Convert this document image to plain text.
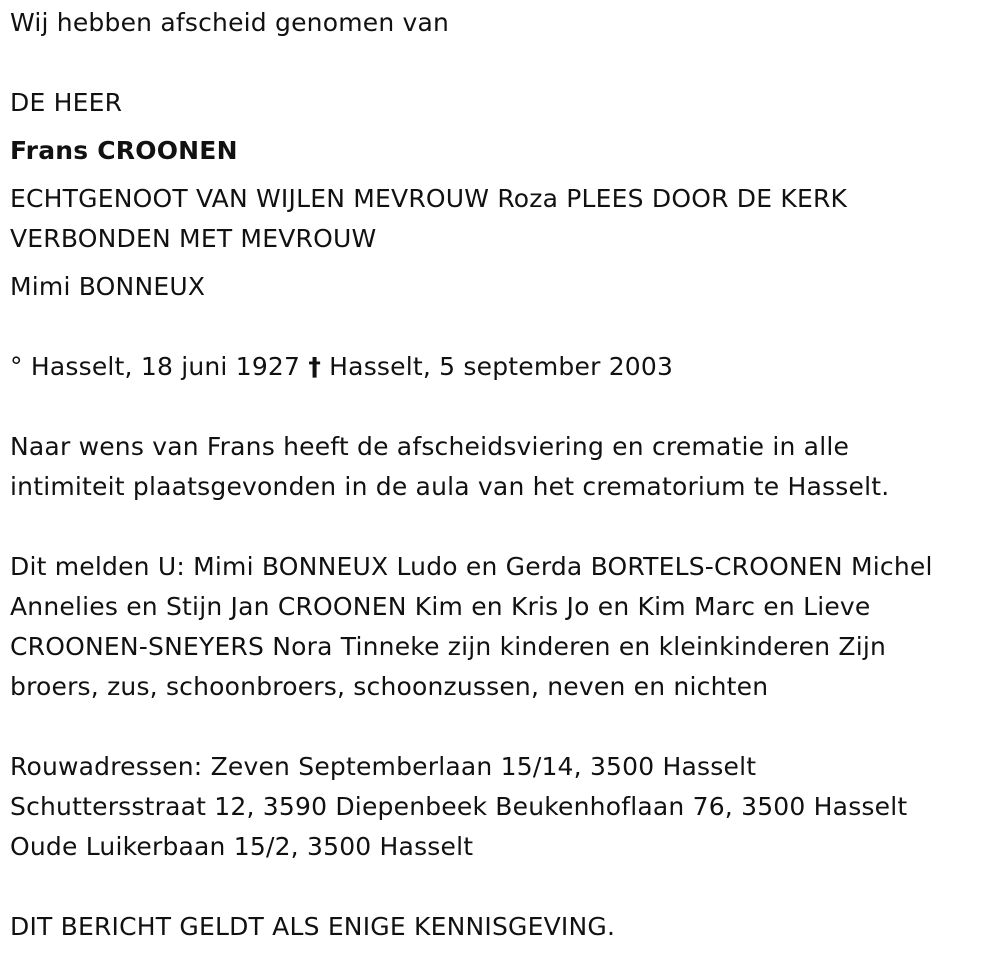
Wij hebben afscheid genomen van

DE HEER

Frans CROONEN

ECHTGENOOT VAN WIJLEN MEVROUW Roza PLEES DOOR DE KERK

VERBONDEN MET MEVROUW

Mimi BONNEUX

° Hasselt, 18 juni 1927 † Hasselt, 5 september 2003

Naar wens van Frans heeft de afscheidsviering en crematie in alle

intimiteit plaatsgevonden in de aula van het crematorium te Hasselt.

Dit melden U: Mimi BONNEUX Ludo en Gerda BORTELS-CROONEN Michel

Annelies en Stijn Jan CROONEN Kim en Kris Jo en Kim Marc en Lieve

CROONEN-SNEYERS Nora Tinneke zijn kinderen en kleinkinderen Zijn

broers, zus, schoonbroers, schoonzussen, neven en nichten

Rouwadressen: Zeven Septemberlaan 15/14, 3500 Hasselt

Schuttersstraat 12, 3590 Diepenbeek Beukenhoflaan 76, 3500 Hasselt

Oude Luikerbaan 15/2, 3500 Hasselt

DIT BERICHT GELDT ALS ENIGE KENNISGEVING.
